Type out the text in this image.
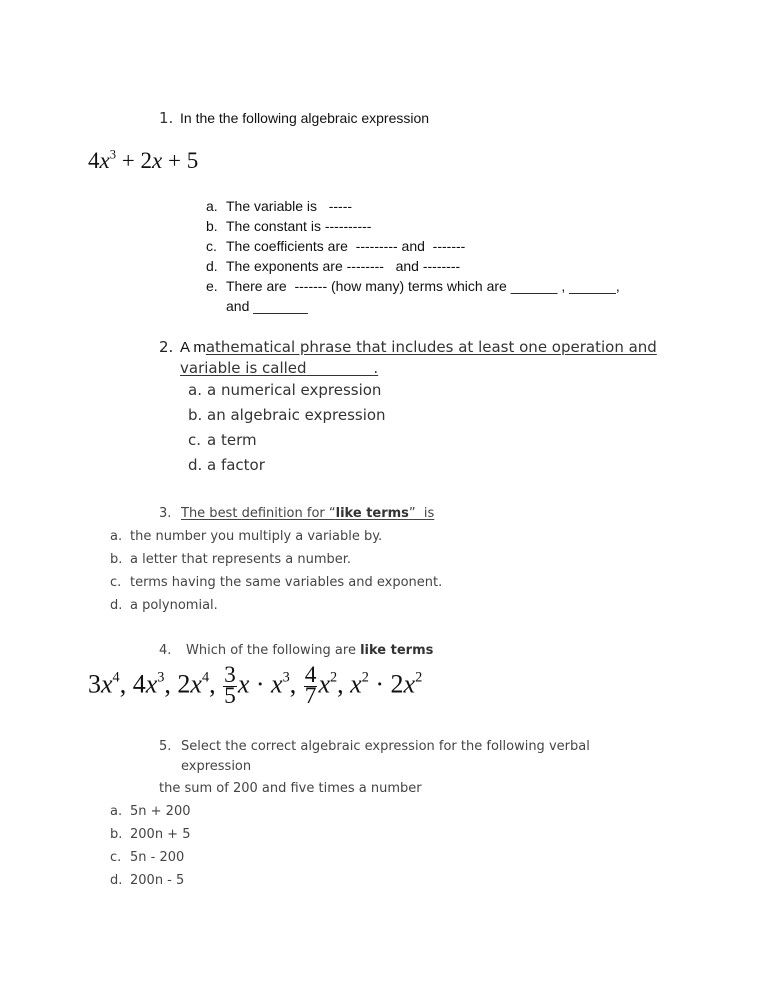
1. In the the following algebraic expression
$4x^3 + 2x + 5$
a. The variable is   -----
b. The constant is ----------
c. The coefficients are  --------- and  -------
d. The exponents are --------   and --------
e. There are  ------- (how many) terms which are ______ , ______,
and _______
2. A mathematical phrase that includes at least one operation and
variable is called	.
a. a numerical expression
b. an algebraic expression
c. a term
d. a factor
3. The best definition for “like terms”  is
a. the number you multiply a variable by.
b. a letter that represents a number.
c. terms having the same variables and exponent.
d. a polynomial.
4. Which of the following are like terms
$3x^4$, $4x^3$, $2x^4$, $\frac{3}{5}$ $x \cdot x^3$, $\frac{4}{7} x^2$, $x^2 \cdot 2x^2$
5. Select the correct algebraic expression for the following verbal
expression
the sum of 200 and five times a number
a. 5n + 200
b. 200n + 5
c. 5n - 200
d. 200n - 5
